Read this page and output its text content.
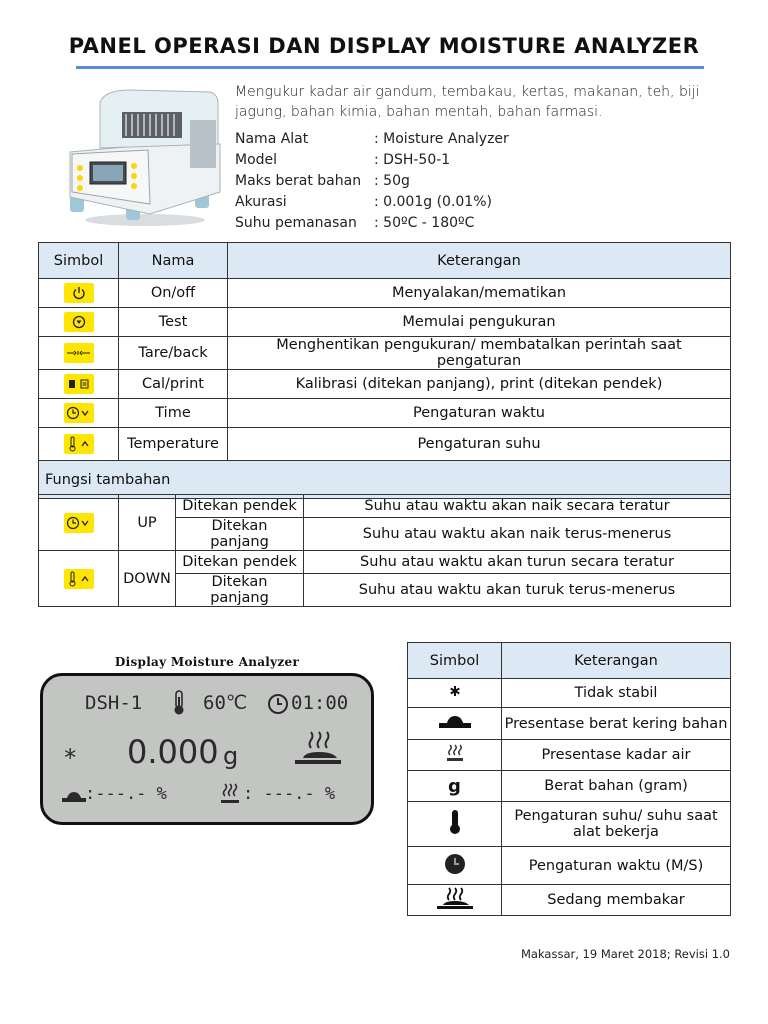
PANEL OPERASI DAN DISPLAY MOISTURE ANALYZER
Mengukur kadar air gandum, tembakau, kertas, makanan, teh, biji jagung, bahan kimia, bahan mentah, bahan farmasi.
Nama Alat	: Moisture Analyzer
Model	: DSH-50-1
Maks berat bahan : 50g
Akurasi	: 0.001g (0.01%)
Suhu pemanasan : 50ºC - 180ºC
Simbol	Nama	Keterangan

	On/off	Menyalakan/mematikan

	Test	Memulai pengukuran

	Tare/back	Menghentikan pengukuran/ membatalkan perintah saat pengaturan

	Cal/print	Kalibrasi (ditekan panjang), print (ditekan pendek)

	Time	Pengaturan waktu

	Temperature	Pengaturan suhu
Fungsi tambahan		
	UP	Ditekan pendek	Suhu atau waktu akan naik secara teratur
		Ditekan panjang	Suhu atau waktu akan naik terus-menerus

	DOWN	Ditekan pendek	Suhu atau waktu akan turun secara teratur
		Ditekan panjang	Suhu atau waktu akan turuk terus-menerus
Display Moisture Analyzer
DSH-1	60℃ 01:00
* 0.000 g
:---.- %	: ---.- %
Simbol	Keterangan
	Tidak stabil
	Presentase berat kering bahan
	Presentase kadar air
g	Berat bahan (gram)
	Pengaturan suhu/ suhu saat alat bekerja
	Pengaturan waktu (M/S)
	Sedang membakar
Makassar, 19 Maret 2018; Revisi 1.0
